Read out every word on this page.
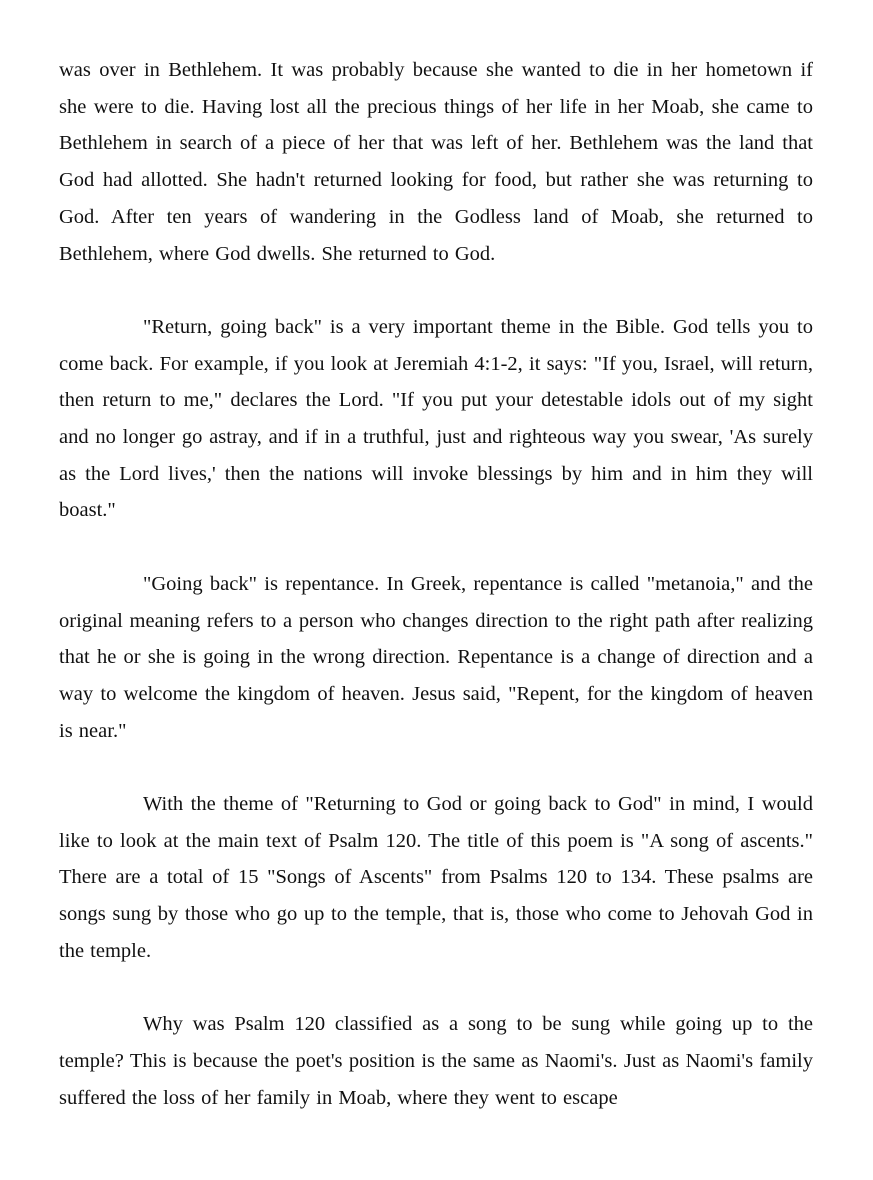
was over in Bethlehem. It was probably because she wanted to die in her hometown if she were to die. Having lost all the precious things of her life in her Moab, she came to Bethlehem in search of a piece of her that was left of her. Bethlehem was the land that God had allotted. She hadn't returned looking for food, but rather she was returning to God. After ten years of wandering in the Godless land of Moab, she returned to Bethlehem, where God dwells. She returned to God.

"Return, going back" is a very important theme in the Bible. God tells you to come back. For example, if you look at Jeremiah 4:1-2, it says: "If you, Israel, will return, then return to me," declares the Lord. "If you put your detestable idols out of my sight and no longer go astray, and if in a truthful, just and righteous way you swear, 'As surely as the Lord lives,' then the nations will invoke blessings by him and in him they will boast."

"Going back" is repentance. In Greek, repentance is called "metanoia," and the original meaning refers to a person who changes direction to the right path after realizing that he or she is going in the wrong direction. Repentance is a change of direction and a way to welcome the kingdom of heaven. Jesus said, "Repent, for the kingdom of heaven is near."

With the theme of "Returning to God or going back to God" in mind, I would like to look at the main text of Psalm 120. The title of this poem is "A song of ascents." There are a total of 15 "Songs of Ascents" from Psalms 120 to 134. These psalms are songs sung by those who go up to the temple, that is, those who come to Jehovah God in the temple.

Why was Psalm 120 classified as a song to be sung while going up to the temple? This is because the poet's position is the same as Naomi's. Just as Naomi's family suffered the loss of her family in Moab, where they went to escape
